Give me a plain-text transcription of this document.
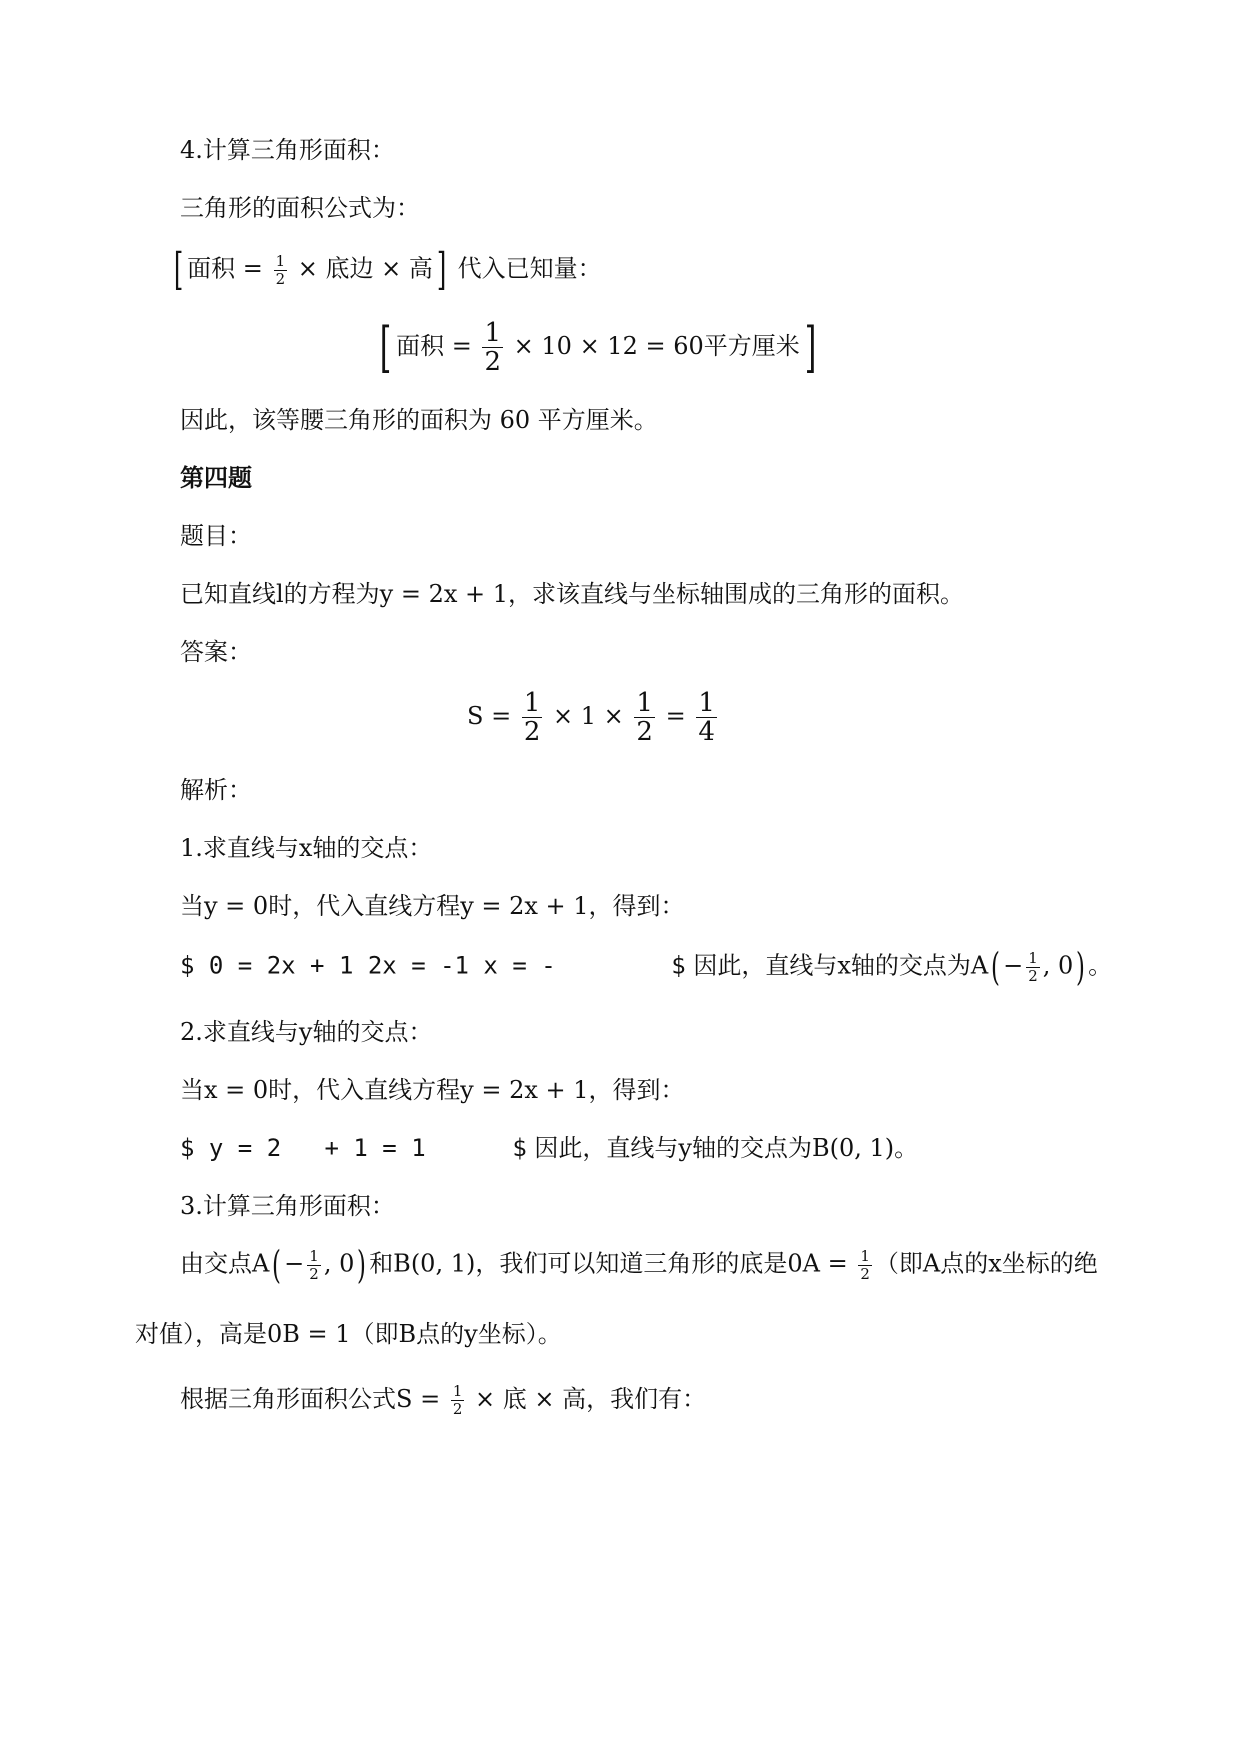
4.计算三角形面积：
三角形的面积公式为：
[ 面积 = $\frac{1}{2}$ × 底边 × 高] 代入已知量：
[ 面积 = $\frac{1}{2} \times 10 \times 12 = 60$平方厘米]
因此，该等腰三角形的面积为 60 平方厘米。
第四题
题目：
已知直线l的方程为y = 2x + 1，求该直线与坐标轴围成的三角形的面积。
答案：
$S = \frac{1}{2} \times 1 \times \frac{1}{2} = \frac{1}{4}$
解析：
1.求直线与x轴的交点：
当y = 0时，代入直线方程y = 2x + 1，得到：
$ 0 = 2x + 1 2x = -1 x = -        $ 因此，直线与x轴的交点为$A( - \frac{1}{2}$ , 0) 。
2.求直线与y轴的交点：
当x = 0时，代入直线方程y = 2x + 1，得到：
$ y = 2   + 1 = 1      $ 因此，直线与y轴的交点为B(0, 1)。
3.计算三角形面积：
由交点$A( - \frac{1}{2}$ , 0) 和B(0, 1)，我们可以知道三角形的底是$0A = \frac{1}{2}$ （即A点的x坐标的绝
对值），高是0B = 1（即B点的y坐标）。
根据三角形面积公式$S = \frac{1}{2}$ × 底 × 高，我们有：
